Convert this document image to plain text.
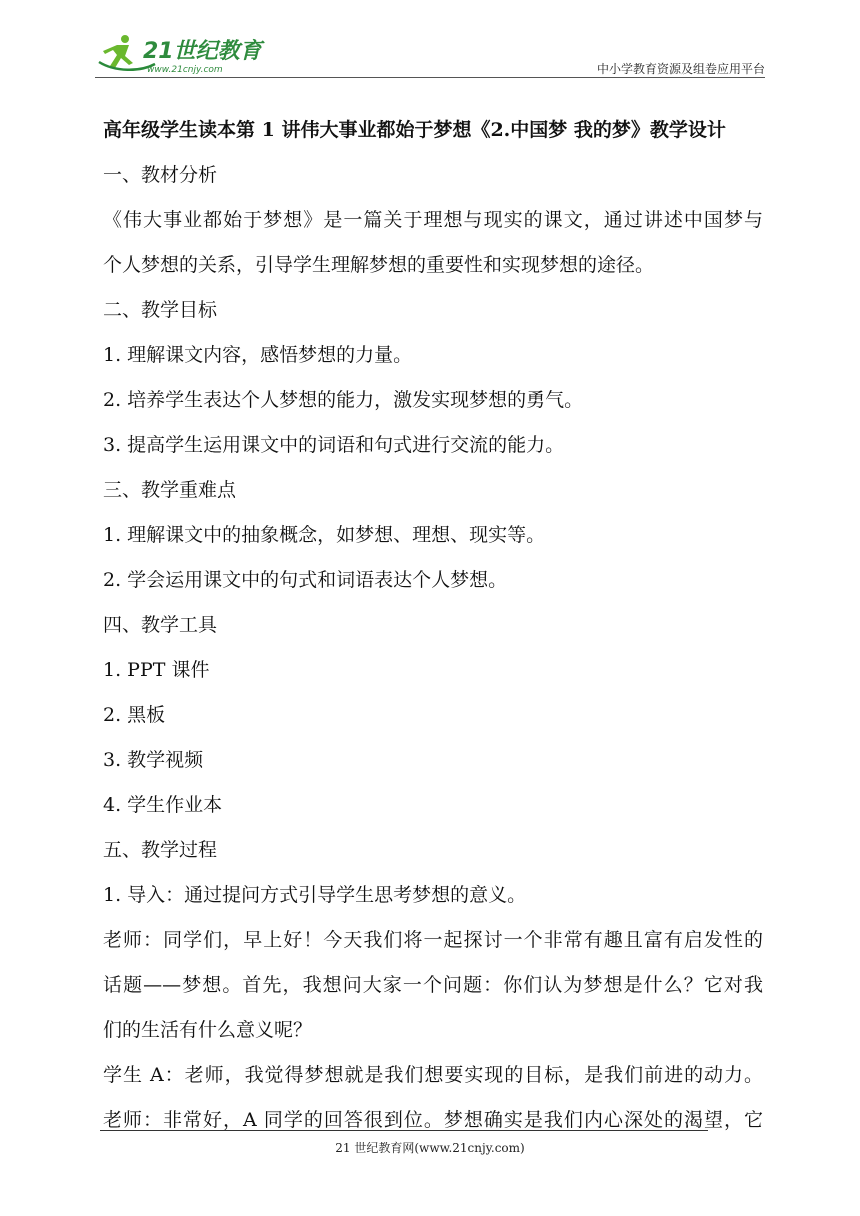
21世纪教育
www.21cnjy.com	中小学教育资源及组卷应用平台
高年级学生读本第 1 讲伟大事业都始于梦想《2.中国梦 我的梦》教学设计
一、教材分析
《伟大事业都始于梦想》是一篇关于理想与现实的课文，通过讲述中国梦与
个人梦想的关系，引导学生理解梦想的重要性和实现梦想的途径。
二、教学目标
1. 理解课文内容，感悟梦想的力量。
2. 培养学生表达个人梦想的能力，激发实现梦想的勇气。
3. 提高学生运用课文中的词语和句式进行交流的能力。
三、教学重难点
1. 理解课文中的抽象概念，如梦想、理想、现实等。
2. 学会运用课文中的句式和词语表达个人梦想。
四、教学工具
1. PPT 课件
2. 黑板
3. 教学视频
4. 学生作业本
五、教学过程
1. 导入：通过提问方式引导学生思考梦想的意义。
老师：同学们，早上好！今天我们将一起探讨一个非常有趣且富有启发性的
话题——梦想。首先，我想问大家一个问题：你们认为梦想是什么？它对我
们的生活有什么意义呢？
学生 A：老师，我觉得梦想就是我们想要实现的目标，是我们前进的动力。
老师：非常好，A 同学的回答很到位。梦想确实是我们内心深处的渴望，它
21 世纪教育网(www.21cnjy.com)
